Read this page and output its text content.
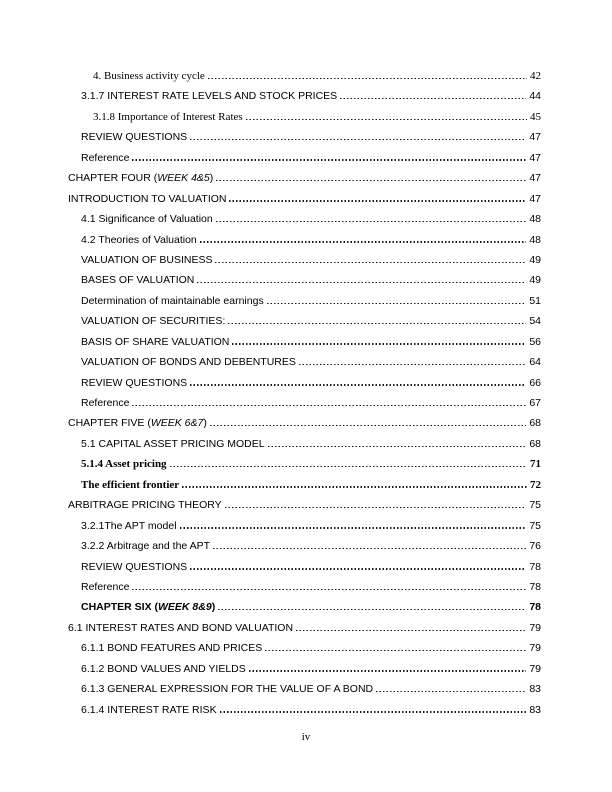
4. Business activity cycle	42
3.1.7 INTEREST RATE LEVELS AND STOCK PRICES	44
3.1.8 Importance of Interest Rates	45
REVIEW QUESTIONS	47
Reference	47
CHAPTER FOUR (WEEK 4&5)	47
INTRODUCTION TO VALUATION	47
4.1 Significance of Valuation	48
4.2 Theories of Valuation	48
VALUATION OF BUSINESS	49
BASES OF VALUATION	49
Determination of maintainable earnings	51
VALUATION OF SECURITIES:	54
BASIS OF SHARE VALUATION	56
VALUATION OF BONDS AND DEBENTURES	64
REVIEW QUESTIONS	66
Reference	67
CHAPTER FIVE (WEEK 6&7)	68
5.1 CAPITAL ASSET PRICING MODEL	68
5.1.4 Asset pricing	71
The efficient frontier	72
ARBITRAGE PRICING THEORY	75
3.2.1The APT model	75
3.2.2 Arbitrage and the APT	76
REVIEW QUESTIONS	78
Reference	78
CHAPTER SIX (WEEK 8&9)	78
6.1 INTEREST RATES AND BOND VALUATION	79
6.1.1 BOND FEATURES AND PRICES	79
6.1.2 BOND VALUES AND YIELDS	79
6.1.3 GENERAL EXPRESSION FOR THE VALUE OF A BOND	83
6.1.4 INTEREST RATE RISK	83
iv
